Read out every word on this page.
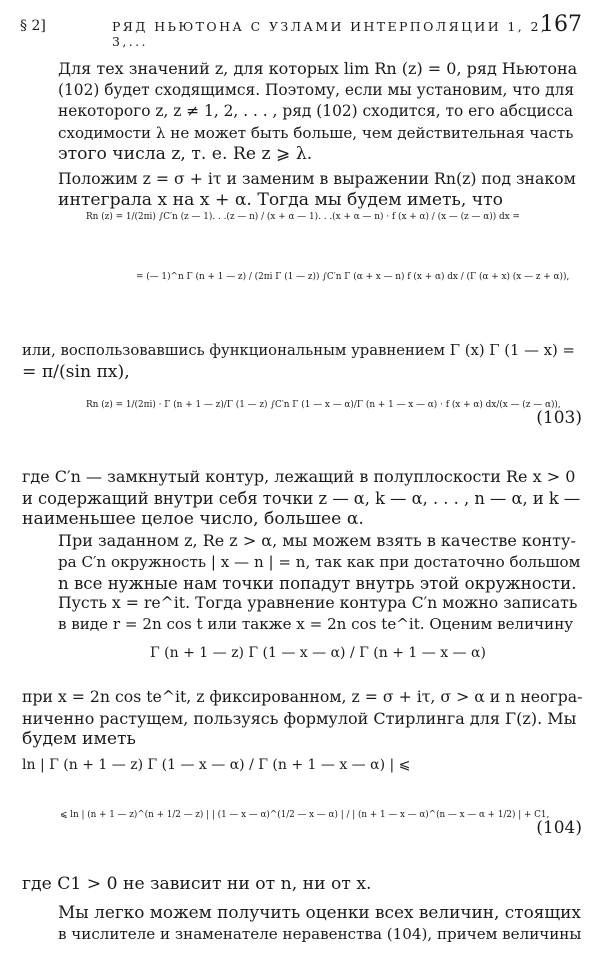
§ 2]	РЯД НЬЮТОНА С УЗЛАМИ ИНТЕРПОЛЯЦИИ 1, 2, 3,...
167
Для тех значений z, для которых lim Rn (z) = 0, ряд Ньютона
(102) будет сходящимся. Поэтому, если мы установим, что для
некоторого z, z ≠ 1, 2, . . . , ряд (102) сходится, то его абсцисса
сходимости λ не может быть больше, чем действительная часть
этого числа z, т. е. Re z ⩾ λ.
Положим z = σ + iτ и заменим в выражении Rn(z) под знаком
интеграла x на x + α. Тогда мы будем иметь, что
Rn (z) = 1/(2πi) ∫C′n (z — 1). . .(z — n) / (x + α — 1). . .(x + α — n) · f (x + α) / (x — (z — α)) dx =
= (— 1)^n Γ (n + 1 — z) / (2πi Γ (1 — z)) ∫C′n Γ (α + x — n) f (x + α) dx / (Γ (α + x) (x — z + α)),
или, воспользовавшись функциональным уравнением Γ (x) Γ (1 — x) =
= π/(sin πx),
Rn (z) = 1/(2πi) · Γ (n + 1 — z)/Γ (1 — z) ∫C′n Γ (1 — x — α)/Γ (n + 1 — x — α) · f (x + α) dx/(x — (z — α)),
(103)
где C′n — замкнутый контур, лежащий в полуплоскости Re x > 0
и содержащий внутри себя точки z — α, k — α, . . . , n — α, и k —
наименьшее целое число, большее α.
При заданном z, Re z > α, мы можем взять в качестве конту-
ра C′n окружность | x — n | = n, так как при достаточно большом
n все нужные нам точки попадут внутрь этой окружности.
Пусть x = re^it. Тогда уравнение контура C′n можно записать
в виде r = 2n cos t или также x = 2n cos te^it. Оценим величину
Γ (n + 1 — z) Γ (1 — x — α) / Γ (n + 1 — x — α)
при x = 2n cos te^it, z фиксированном, z = σ + iτ, σ > α и n неогра-
ниченно растущем, пользуясь формулой Стирлинга для Γ(z). Мы
будем иметь
ln | Γ (n + 1 — z) Γ (1 — x — α) / Γ (n + 1 — x — α) | ⩽
⩽ ln | (n + 1 — z)^(n + 1/2 — z) | | (1 — x — α)^(1/2 — x — α) | / | (n + 1 — x — α)^(n — x — α + 1/2) | + C1,
(104)
где C1 > 0 не зависит ни от n, ни от x.
Мы легко можем получить оценки всех величин, стоящих
в числителе и знаменателе неравенства (104), причем величины
